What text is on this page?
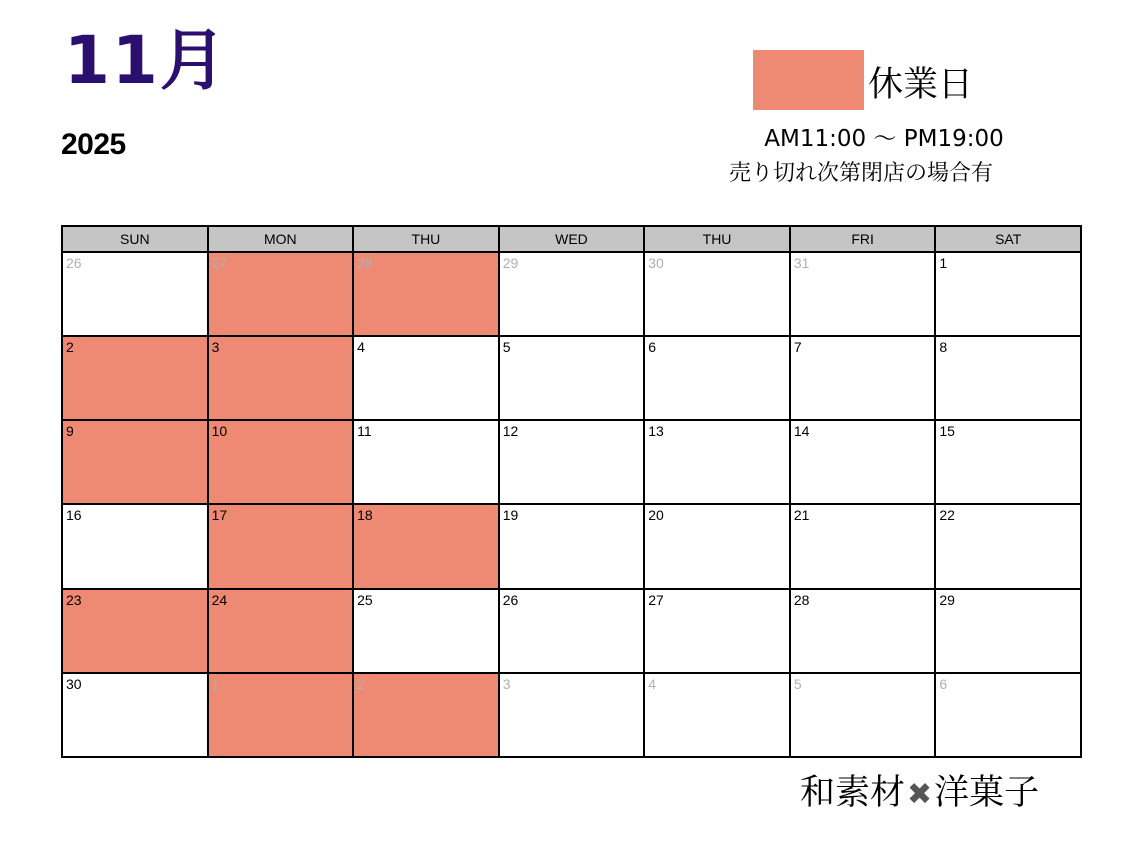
11月
2025
休業日
AM11:00 〜 PM19:00
売り切れ次第閉店の場合有
SUN	MON	THU	WED	THU	FRI	SAT

26	27	28	29	30	31	1

2	3	4	5	6	7	8

9	10	11	12	13	14	15

16	17	18	19	20	21	22

23	24	25	26	27	28	29

30	1	2	3	4	5	6
和素材✖洋菓子
